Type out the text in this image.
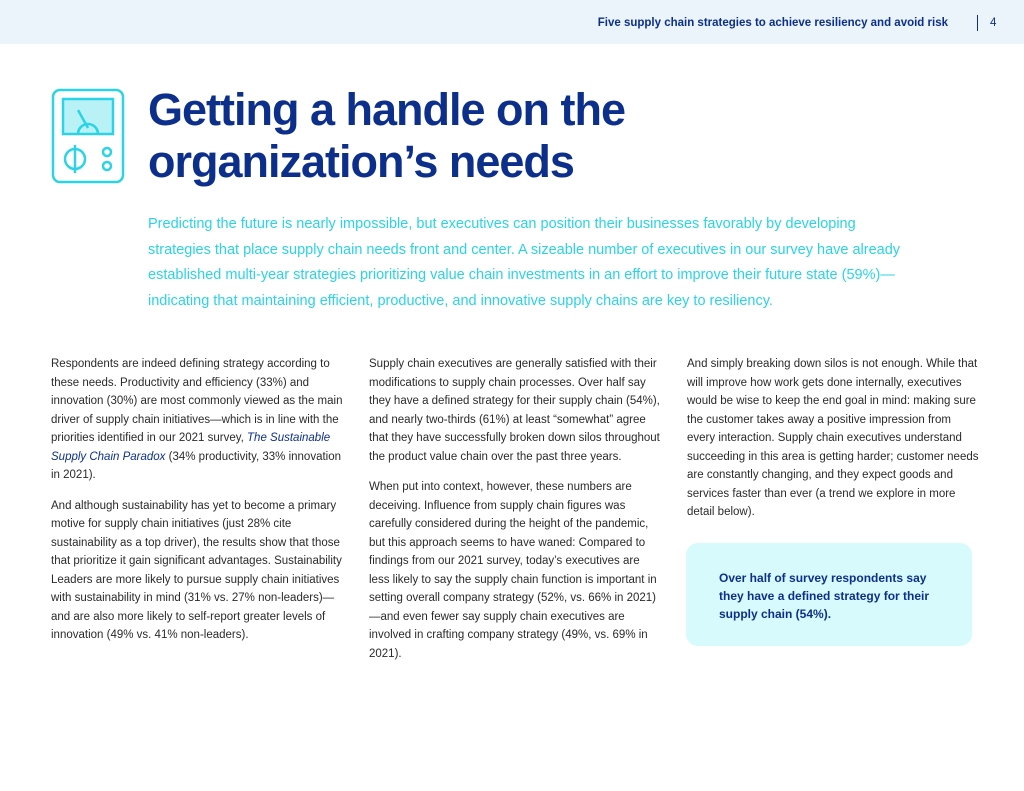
Five supply chain strategies to achieve resiliency and avoid risk	4
Getting a handle on the
organization’s needs

Predicting the future is nearly impossible, but executives can position their businesses favorably by developing strategies that place supply chain needs front and center. A sizeable number of executives in our survey have already established multi-year strategies prioritizing value chain investments in an effort to improve their future state (59%)—indicating that maintaining efficient, productive, and innovative supply chains are key to resiliency.

Respondents are indeed defining strategy according to these needs. Productivity and efficiency (33%) and innovation (30%) are most commonly viewed as the main driver of supply chain initiatives—which is in line with the priorities identified in our 2021 survey, The Sustainable Supply Chain Paradox (34% productivity, 33% innovation in 2021).

And although sustainability has yet to become a primary motive for supply chain initiatives (just 28% cite sustainability as a top driver), the results show that those that prioritize it gain significant advantages. Sustainability Leaders are more likely to pursue supply chain initiatives with sustainability in mind (31% vs. 27% non-leaders)—and are also more likely to self-report greater levels of innovation (49% vs. 41% non-leaders).

Supply chain executives are generally satisfied with their modifications to supply chain processes. Over half say they have a defined strategy for their supply chain (54%), and nearly two-thirds (61%) at least “somewhat” agree that they have successfully broken down silos throughout the product value chain over the past three years.

When put into context, however, these numbers are deceiving. Influence from supply chain figures was carefully considered during the height of the pandemic, but this approach seems to have waned: Compared to findings from our 2021 survey, today’s executives are less likely to say the supply chain function is important in setting overall company strategy (52%, vs. 66% in 2021)—and even fewer say supply chain executives are involved in crafting company strategy (49%, vs. 69% in 2021).

And simply breaking down silos is not enough. While that will improve how work gets done internally, executives would be wise to keep the end goal in mind: making sure the customer takes away a positive impression from every interaction. Supply chain executives understand succeeding in this area is getting harder; customer needs are constantly changing, and they expect goods and services faster than ever (a trend we explore in more detail below).

Over half of survey respondents say they have a defined strategy for their supply chain (54%).
